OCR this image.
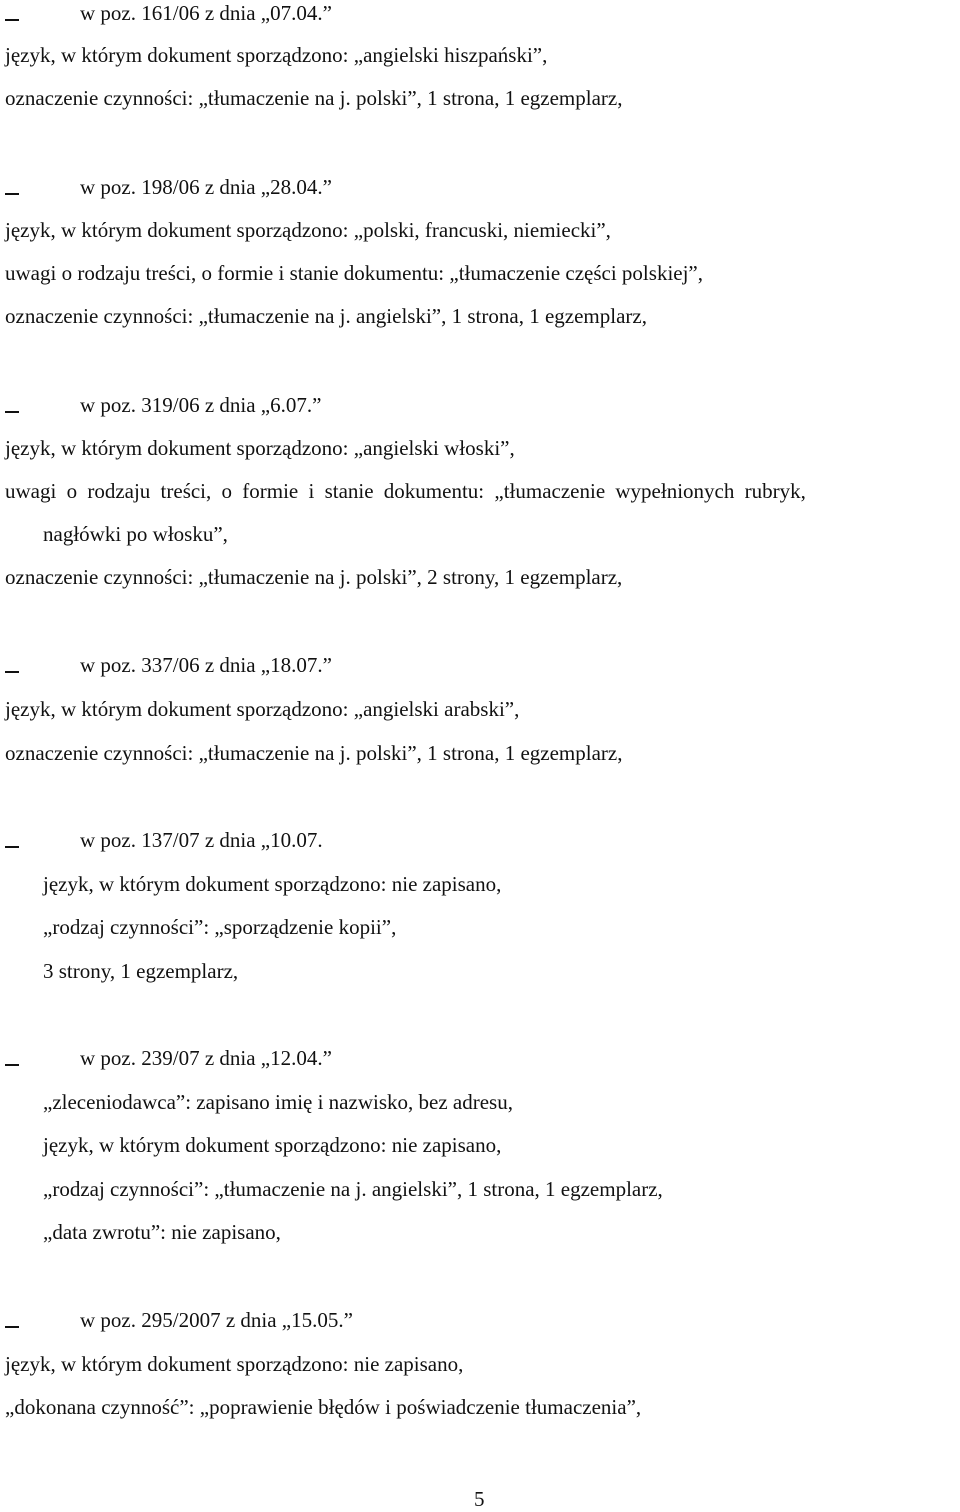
w poz. 161/06 z dnia „07.04.”
język, w którym dokument sporządzono: „angielski hiszpański”,
oznaczenie czynności: „tłumaczenie na j. polski”, 1 strona, 1 egzemplarz,
w poz. 198/06 z dnia „28.04.”
język, w którym dokument sporządzono: „polski, francuski, niemiecki”,
uwagi o rodzaju treści, o formie i stanie dokumentu: „tłumaczenie części polskiej”,
oznaczenie czynności: „tłumaczenie na j. angielski”, 1 strona, 1 egzemplarz,
w poz. 319/06 z dnia „6.07.”
język, w którym dokument sporządzono: „angielski włoski”,
uwagi o rodzaju treści, o formie i stanie dokumentu: „tłumaczenie wypełnionych rubryk,
nagłówki po włosku”,
oznaczenie czynności: „tłumaczenie na j. polski”, 2 strony, 1 egzemplarz,
w poz. 337/06 z dnia „18.07.”
język, w którym dokument sporządzono: „angielski arabski”,
oznaczenie czynności: „tłumaczenie na j. polski”, 1 strona, 1 egzemplarz,
w poz. 137/07 z dnia „10.07.
język, w którym dokument sporządzono: nie zapisano,
„rodzaj czynności”: „sporządzenie kopii”,
3 strony, 1 egzemplarz,
w poz. 239/07 z dnia „12.04.”
„zleceniodawca”: zapisano imię i nazwisko, bez adresu,
język, w którym dokument sporządzono: nie zapisano,
„rodzaj czynności”: „tłumaczenie na j. angielski”, 1 strona, 1 egzemplarz,
„data zwrotu”: nie zapisano,
w poz. 295/2007 z dnia „15.05.”
język, w którym dokument sporządzono: nie zapisano,
„dokonana czynność”: „poprawienie błędów i poświadczenie tłumaczenia”,
5
